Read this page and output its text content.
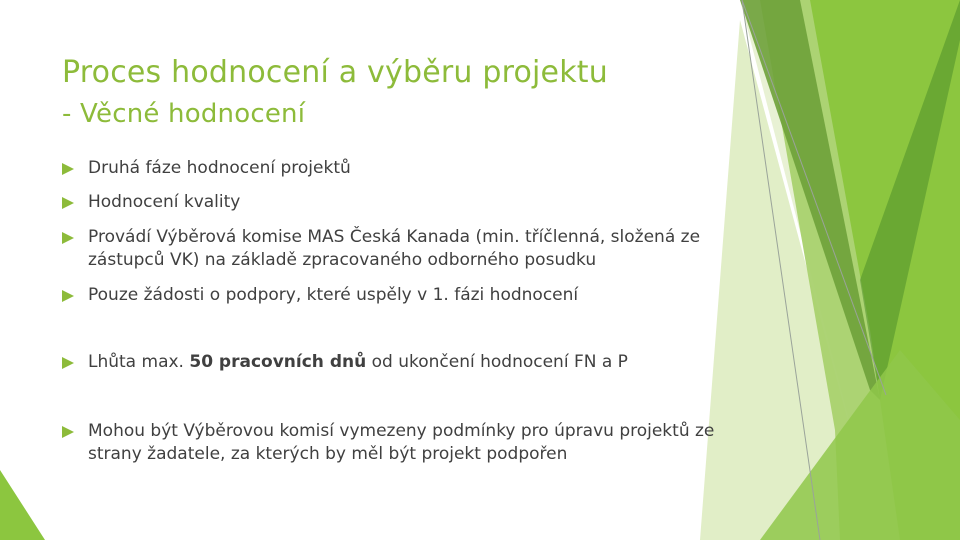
Proces hodnocení a výběru projektu
- Věcné hodnocení
Druhá fáze hodnocení projektů
Hodnocení kvality
Provádí Výběrová komise MAS Česká Kanada (min. tříčlenná, složená ze zástupců VK) na základě zpracovaného odborného posudku
Pouze žádosti o podpory, které uspěly v 1. fázi hodnocení
Lhůta max. 50 pracovních dnů od ukončení hodnocení FN a P
Mohou být Výběrovou komisí vymezeny podmínky pro úpravu projektů ze strany žadatele, za kterých by měl být projekt podpořen
